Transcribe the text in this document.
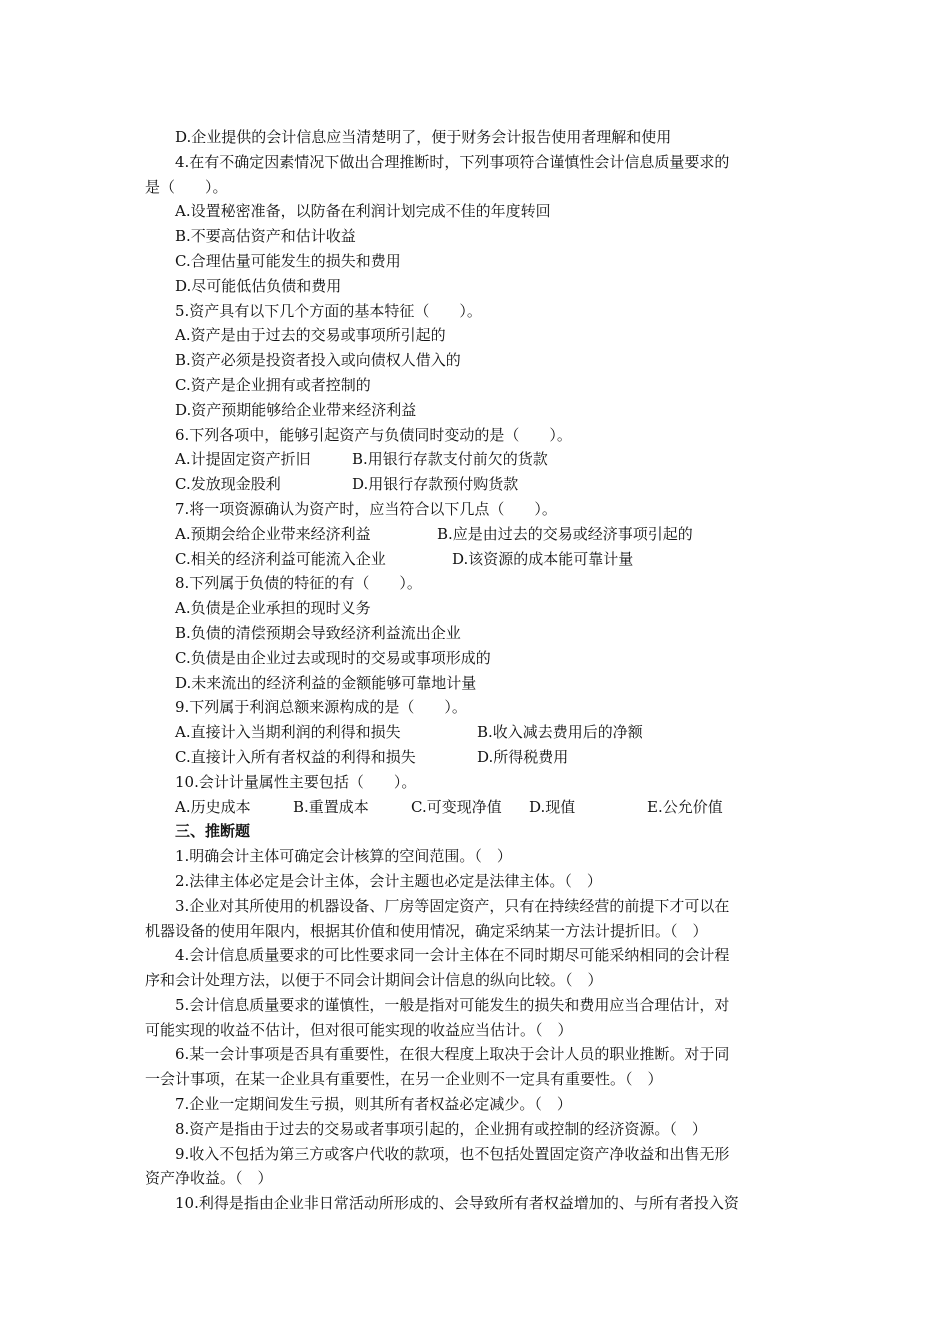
D.企业提供的会计信息应当清楚明了，便于财务会计报告使用者理解和使用
4.在有不确定因素情况下做出合理推断时，下列事项符合谨慎性会计信息质量要求的
是（　　）。
A.设置秘密准备，以防备在利润计划完成不佳的年度转回
B.不要高估资产和估计收益
C.合理估量可能发生的损失和费用
D.尽可能低估负债和费用
5.资产具有以下几个方面的基本特征（　　）。
A.资产是由于过去的交易或事项所引起的
B.资产必须是投资者投入或向债权人借入的
C.资产是企业拥有或者控制的
D.资产预期能够给企业带来经济利益
6.下列各项中，能够引起资产与负债同时变动的是（　　）。
A.计提固定资产折旧	B.用银行存款支付前欠的货款
C.发放现金股利	D.用银行存款预付购货款
7.将一项资源确认为资产时，应当符合以下几点（　　）。
A.预期会给企业带来经济利益	B.应是由过去的交易或经济事项引起的
C.相关的经济利益可能流入企业	D.该资源的成本能可靠计量
8.下列属于负债的特征的有（　　）。
A.负债是企业承担的现时义务
B.负债的清偿预期会导致经济利益流出企业
C.负债是由企业过去或现时的交易或事项形成的
D.未来流出的经济利益的金额能够可靠地计量
9.下列属于利润总额来源构成的是（　　）。
A.直接计入当期利润的利得和损失	B.收入减去费用后的净额
C.直接计入所有者权益的利得和损失	D.所得税费用
10.会计计量属性主要包括（　　）。
A.历史成本	B.重置成本	C.可变现净值	D.现值	E.公允价值
三、推断题
1.明确会计主体可确定会计核算的空间范围。（　）
2.法律主体必定是会计主体，会计主题也必定是法律主体。（　）
3.企业对其所使用的机器设备、厂房等固定资产，只有在持续经营的前提下才可以在
机器设备的使用年限内，根据其价值和使用情况，确定采纳某一方法计提折旧。（　）
4.会计信息质量要求的可比性要求同一会计主体在不同时期尽可能采纳相同的会计程
序和会计处理方法，以便于不同会计期间会计信息的纵向比较。（　）
5.会计信息质量要求的谨慎性，一般是指对可能发生的损失和费用应当合理估计，对
可能实现的收益不估计，但对很可能实现的收益应当估计。（　）
6.某一会计事项是否具有重要性，在很大程度上取决于会计人员的职业推断。对于同
一会计事项，在某一企业具有重要性，在另一企业则不一定具有重要性。（　）
7.企业一定期间发生亏损，则其所有者权益必定减少。（　）
8.资产是指由于过去的交易或者事项引起的，企业拥有或控制的经济资源。（　）
9.收入不包括为第三方或客户代收的款项，也不包括处置固定资产净收益和出售无形
资产净收益。（　）
10.利得是指由企业非日常活动所形成的、会导致所有者权益增加的、与所有者投入资
